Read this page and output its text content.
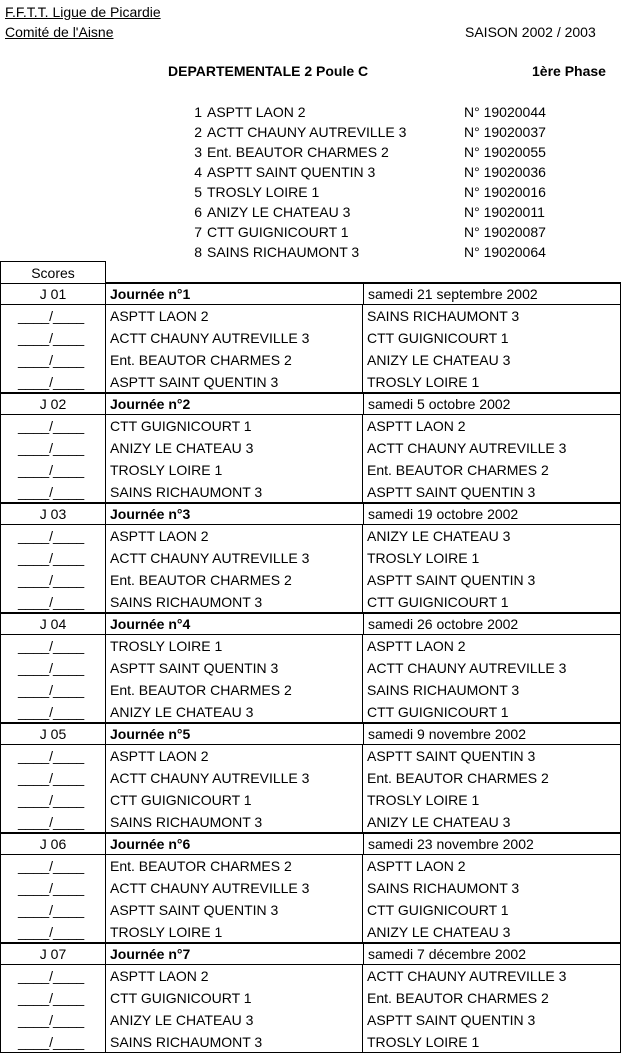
F.F.T.T. Ligue de Picardie
Comité de l'Aisne	SAISON 2002 / 2003
DEPARTEMENTALE 2 Poule C	1ère Phase
1 ASPTT LAON 2	N° 19020044
2 ACTT CHAUNY AUTREVILLE 3	N° 19020037
3 Ent. BEAUTOR CHARMES 2	N° 19020055
4 ASPTT SAINT QUENTIN 3	N° 19020036
5 TROSLY LOIRE 1	N° 19020016
6 ANIZY LE CHATEAU 3	N° 19020011
7 CTT GUIGNICOURT 1	N° 19020087
8 SAINS RICHAUMONT 3	N° 19020064
Scores
J 01	Journée n°1	samedi 21 septembre 2002
____/____ ASPTT LAON 2	SAINS RICHAUMONT 3
____/____ ACTT CHAUNY AUTREVILLE 3	CTT GUIGNICOURT 1
____/____ Ent. BEAUTOR CHARMES 2	ANIZY LE CHATEAU 3
____/____ ASPTT SAINT QUENTIN 3	TROSLY LOIRE 1
J 02	Journée n°2	samedi 5 octobre 2002
____/____ CTT GUIGNICOURT 1	ASPTT LAON 2
____/____ ANIZY LE CHATEAU 3	ACTT CHAUNY AUTREVILLE 3
____/____ TROSLY LOIRE 1	Ent. BEAUTOR CHARMES 2
____/____ SAINS RICHAUMONT 3	ASPTT SAINT QUENTIN 3
J 03	Journée n°3	samedi 19 octobre 2002
____/____ ASPTT LAON 2	ANIZY LE CHATEAU 3
____/____ ACTT CHAUNY AUTREVILLE 3	TROSLY LOIRE 1
____/____ Ent. BEAUTOR CHARMES 2	ASPTT SAINT QUENTIN 3
____/____ SAINS RICHAUMONT 3	CTT GUIGNICOURT 1
J 04	Journée n°4	samedi 26 octobre 2002
____/____ TROSLY LOIRE 1	ASPTT LAON 2
____/____ ASPTT SAINT QUENTIN 3	ACTT CHAUNY AUTREVILLE 3
____/____ Ent. BEAUTOR CHARMES 2	SAINS RICHAUMONT 3
____/____ ANIZY LE CHATEAU 3	CTT GUIGNICOURT 1
J 05	Journée n°5	samedi 9 novembre 2002
____/____ ASPTT LAON 2	ASPTT SAINT QUENTIN 3
____/____ ACTT CHAUNY AUTREVILLE 3	Ent. BEAUTOR CHARMES 2
____/____ CTT GUIGNICOURT 1	TROSLY LOIRE 1
____/____ SAINS RICHAUMONT 3	ANIZY LE CHATEAU 3
J 06	Journée n°6	samedi 23 novembre 2002
____/____ Ent. BEAUTOR CHARMES 2	ASPTT LAON 2
____/____ ACTT CHAUNY AUTREVILLE 3	SAINS RICHAUMONT 3
____/____ ASPTT SAINT QUENTIN 3	CTT GUIGNICOURT 1
____/____ TROSLY LOIRE 1	ANIZY LE CHATEAU 3
J 07	Journée n°7	samedi 7 décembre 2002
____/____ ASPTT LAON 2	ACTT CHAUNY AUTREVILLE 3
____/____ CTT GUIGNICOURT 1	Ent. BEAUTOR CHARMES 2
____/____ ANIZY LE CHATEAU 3	ASPTT SAINT QUENTIN 3
____/____ SAINS RICHAUMONT 3	TROSLY LOIRE 1
